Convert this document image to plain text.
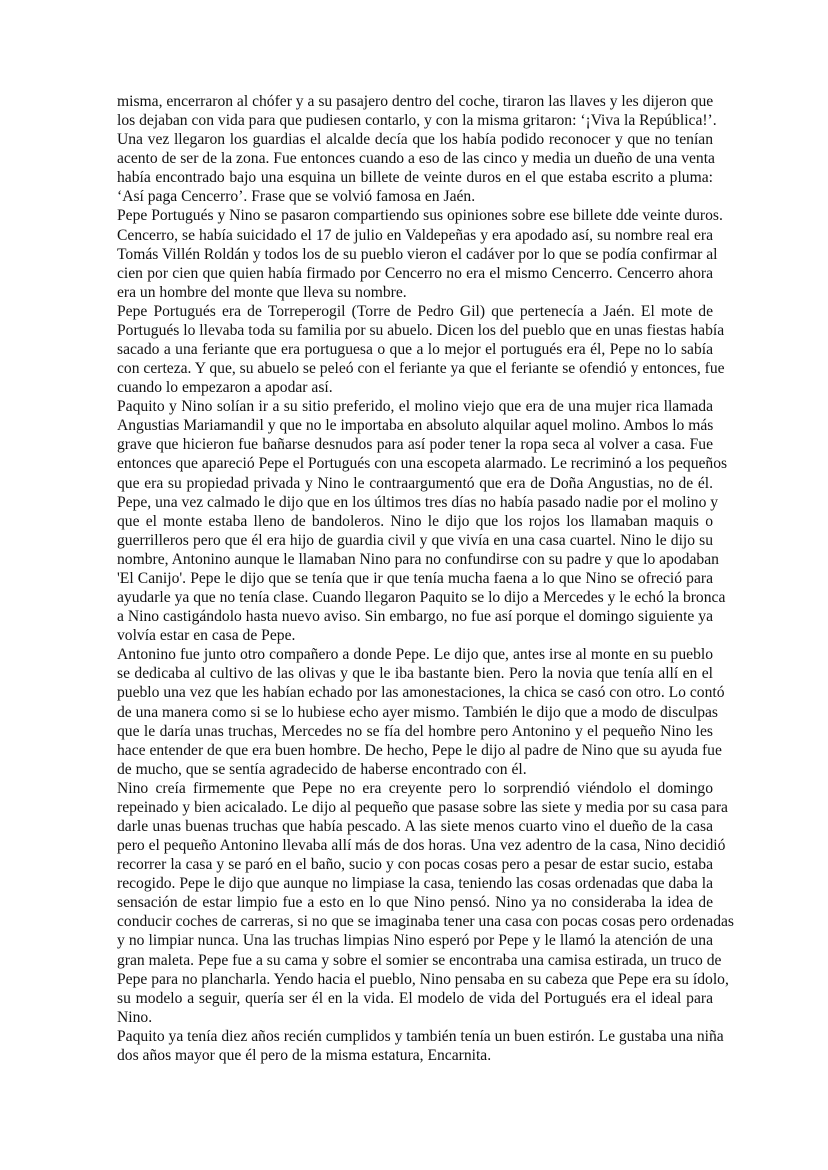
misma, encerraron al chófer y a su pasajero dentro del coche, tiraron las llaves y les dijeron que
los dejaban con vida para que pudiesen contarlo, y con la misma gritaron: ‘¡Viva la República!’.
Una vez llegaron los guardias el alcalde decía que los había podido reconocer y que no tenían
acento de ser de la zona. Fue entonces cuando a eso de las cinco y media un dueño de una venta
había encontrado bajo una esquina un billete de veinte duros en el que estaba escrito a pluma:
‘Así paga Cencerro’. Frase que se volvió famosa en Jaén.
Pepe Portugués y Nino se pasaron compartiendo sus opiniones sobre ese billete dde veinte duros.
Cencerro, se había suicidado el 17 de julio en Valdepeñas y era apodado así, su nombre real era
Tomás Villén Roldán y todos los de su pueblo vieron el cadáver por lo que se podía confirmar al
cien por cien que quien había firmado por Cencerro no era el mismo Cencerro. Cencerro ahora
era un hombre del monte que lleva su nombre.
Pepe Portugués era de Torreperogil (Torre de Pedro Gil) que pertenecía a Jaén. El mote de
Portugués lo llevaba toda su familia por su abuelo. Dicen los del pueblo que en unas fiestas había
sacado a una feriante que era portuguesa o que a lo mejor el portugués era él, Pepe no lo sabía
con certeza. Y que, su abuelo se peleó con el feriante ya que el feriante se ofendió y entonces, fue
cuando lo empezaron a apodar así.
Paquito y Nino solían ir a su sitio preferido, el molino viejo que era de una mujer rica llamada
Angustias Mariamandil y que no le importaba en absoluto alquilar aquel molino. Ambos lo más
grave que hicieron fue bañarse desnudos para así poder tener la ropa seca al volver a casa. Fue
entonces que apareció Pepe el Portugués con una escopeta alarmado. Le recriminó a los pequeños
que era su propiedad privada y Nino le contraargumentó que era de Doña Angustias, no de él.
Pepe, una vez calmado le dijo que en los últimos tres días no había pasado nadie por el molino y
que el monte estaba lleno de bandoleros. Nino le dijo que los rojos los llamaban maquis o
guerrilleros pero que él era hijo de guardia civil y que vivía en una casa cuartel. Nino le dijo su
nombre, Antonino aunque le llamaban Nino para no confundirse con su padre y que lo apodaban
'El Canijo'. Pepe le dijo que se tenía que ir que tenía mucha faena a lo que Nino se ofreció para
ayudarle ya que no tenía clase. Cuando llegaron Paquito se lo dijo a Mercedes y le echó la bronca
a Nino castigándolo hasta nuevo aviso. Sin embargo, no fue así porque el domingo siguiente ya
volvía estar en casa de Pepe.
Antonino fue junto otro compañero a donde Pepe. Le dijo que, antes irse al monte en su pueblo
se dedicaba al cultivo de las olivas y que le iba bastante bien. Pero la novia que tenía allí en el
pueblo una vez que les habían echado por las amonestaciones, la chica se casó con otro. Lo contó
de una manera como si se lo hubiese echo ayer mismo. También le dijo que a modo de disculpas
que le daría unas truchas, Mercedes no se fía del hombre pero Antonino y el pequeño Nino les
hace entender de que era buen hombre. De hecho, Pepe le dijo al padre de Nino que su ayuda fue
de mucho, que se sentía agradecido de haberse encontrado con él.
Nino creía firmemente que Pepe no era creyente pero lo sorprendió viéndolo el domingo
repeinado y bien acicalado. Le dijo al pequeño que pasase sobre las siete y media por su casa para
darle unas buenas truchas que había pescado. A las siete menos cuarto vino el dueño de la casa
pero el pequeño Antonino llevaba allí más de dos horas. Una vez adentro de la casa, Nino decidió
recorrer la casa y se paró en el baño, sucio y con pocas cosas pero a pesar de estar sucio, estaba
recogido. Pepe le dijo que aunque no limpiase la casa, teniendo las cosas ordenadas que daba la
sensación de estar limpio fue a esto en lo que Nino pensó. Nino ya no consideraba la idea de
conducir coches de carreras, si no que se imaginaba tener una casa con pocas cosas pero ordenadas
y no limpiar nunca. Una las truchas limpias Nino esperó por Pepe y le llamó la atención de una
gran maleta. Pepe fue a su cama y sobre el somier se encontraba una camisa estirada, un truco de
Pepe para no plancharla. Yendo hacia el pueblo, Nino pensaba en su cabeza que Pepe era su ídolo,
su modelo a seguir, quería ser él en la vida. El modelo de vida del Portugués era el ideal para
Nino.
Paquito ya tenía diez años recién cumplidos y también tenía un buen estirón. Le gustaba una niña
dos años mayor que él pero de la misma estatura, Encarnita.
